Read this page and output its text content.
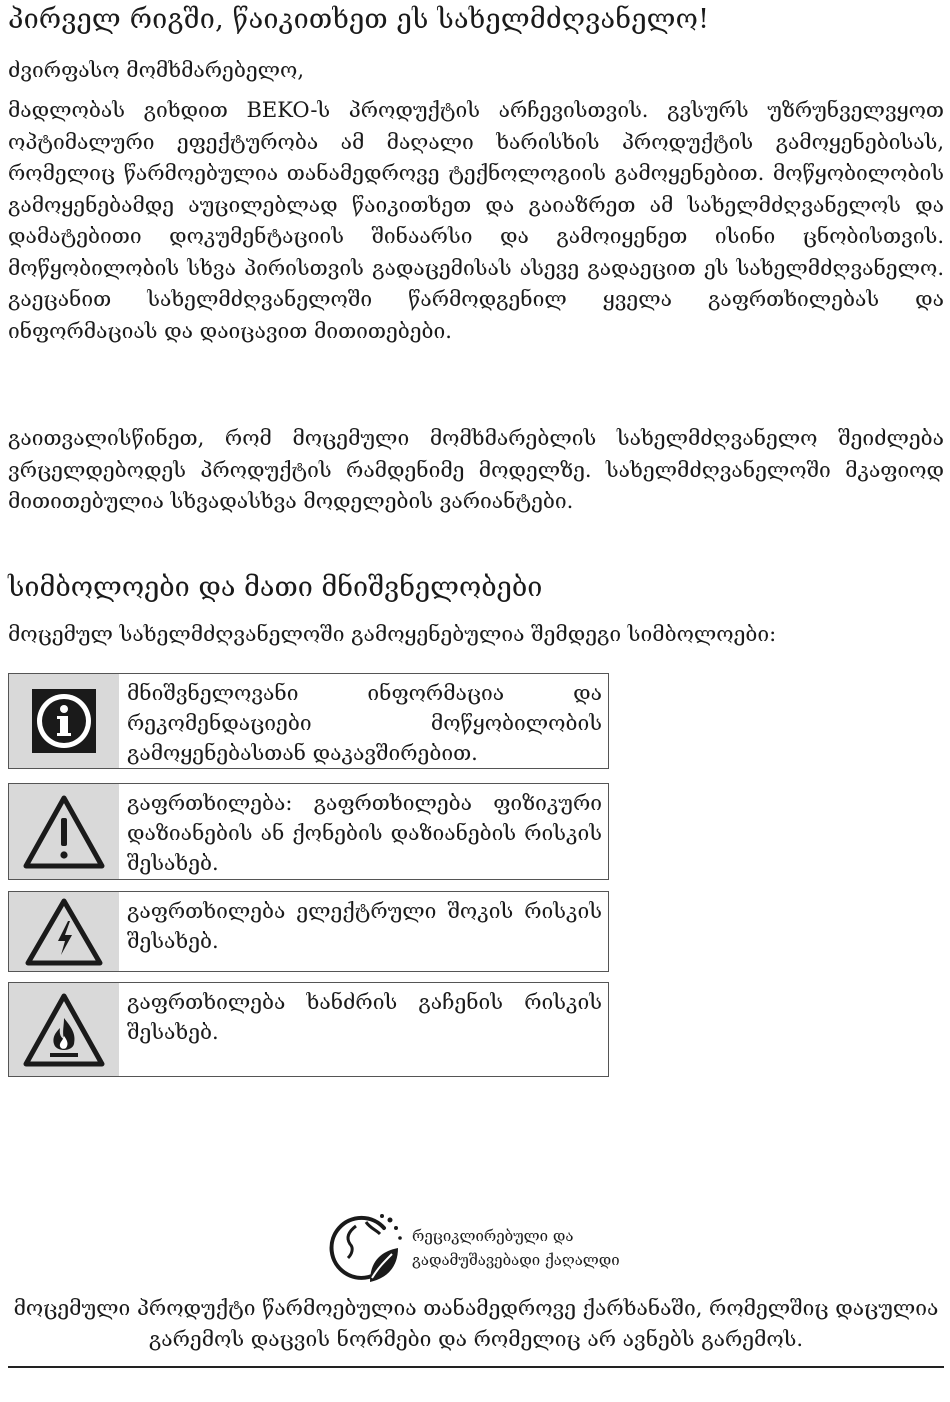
პირველ რიგში, წაიკითხეთ ეს სახელმძღვანელო!

ძვირფასო მომხმარებელო,

მადლობას გიხდით BEKO-ს პროდუქტის არჩევისთვის. გვსურს უზრუნველვყოთ ოპტიმალური ეფექტურობა ამ მაღალი ხარისხის პროდუქტის გამოყენებისას, რომელიც წარმოებულია თანამედროვე ტექნოლოგიის გამოყენებით. მოწყობილობის გამოყენებამდე აუცილებლად წაიკითხეთ და გაიაზრეთ ამ სახელმძღვანელოს და დამატებითი დოკუმენტაციის შინაარსი და გამოიყენეთ ისინი ცნობისთვის. მოწყობილობის სხვა პირისთვის გადაცემისას ასევე გადაეცით ეს სახელმძღვანელო. გაეცანით სახელმძღვანელოში წარმოდგენილ ყველა გაფრთხილებას და ინფორმაციას და დაიცავით მითითებები.

გაითვალისწინეთ, რომ მოცემული მომხმარებლის სახელმძღვანელო შეიძლება ვრცელდებოდეს პროდუქტის რამდენიმე მოდელზე. სახელმძღვანელოში მკაფიოდ მითითებულია სხვადასხვა მოდელების ვარიანტები.

სიმბოლოები და მათი მნიშვნელობები

მოცემულ სახელმძღვანელოში გამოყენებულია შემდეგი სიმბოლოები:

მნიშვნელოვანი ინფორმაცია და რეკომენდაციები მოწყობილობის გამოყენებასთან დაკავშირებით.
გაფრთხილება: გაფრთხილება ფიზიკური დაზიანების ან ქონების დაზიანების რისკის შესახებ.
გაფრთხილება ელექტრული შოკის რისკის შესახებ.
გაფრთხილება ხანძრის გაჩენის რისკის შესახებ.
რეციკლირებული და
გადამუშავებადი ქაღალდი

მოცემული პროდუქტი წარმოებულია თანამედროვე ქარხანაში, რომელშიც დაცულია გარემოს დაცვის ნორმები და რომელიც არ ავნებს გარემოს.
